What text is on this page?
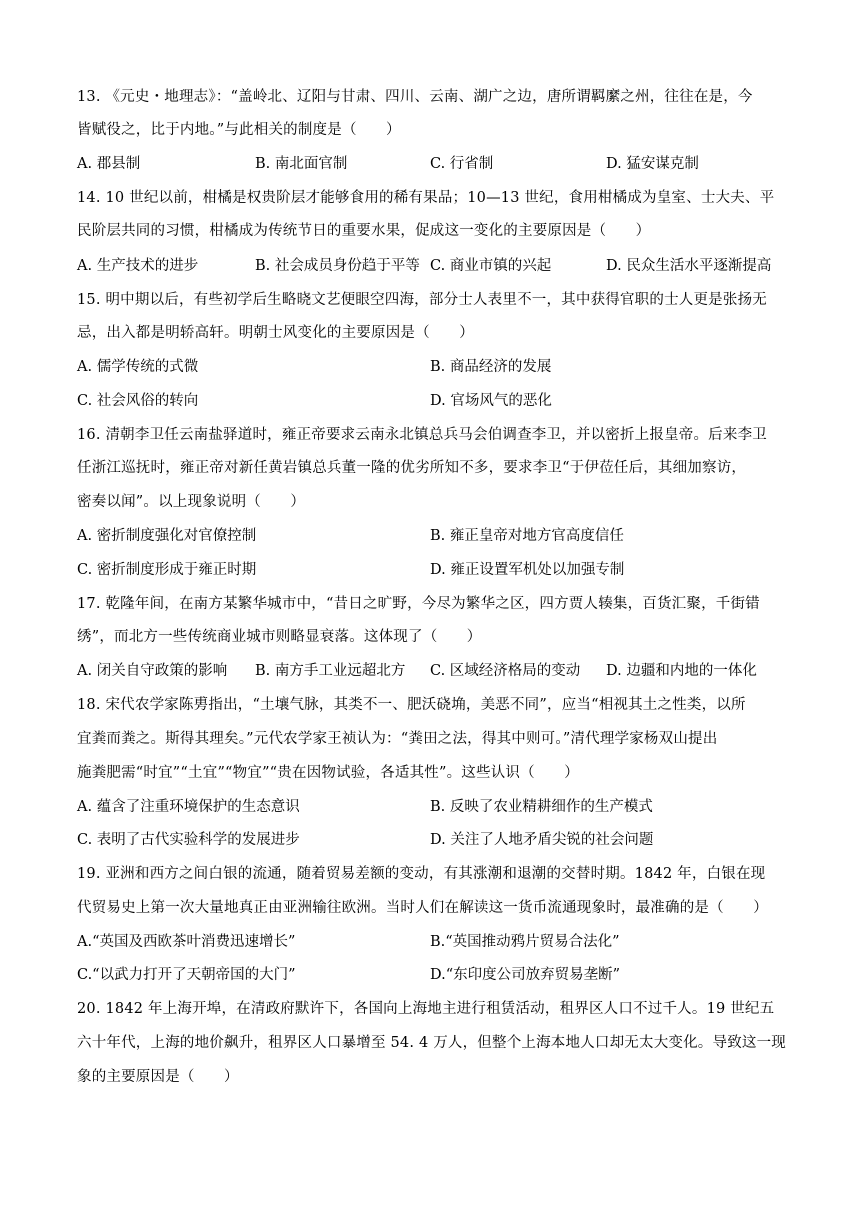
13. 《元史・地理志》：“盖岭北、辽阳与甘肃、四川、云南、湖广之边，唐所谓羁縻之州，往往在是，今
皆赋役之，比于内地。”与此相关的制度是（　　）
A. 郡县制	B. 南北面官制	C. 行省制	D. 猛安谋克制
14. 10 世纪以前，柑橘是权贵阶层才能够食用的稀有果品；10—13 世纪，食用柑橘成为皇室、士大夫、平
民阶层共同的习惯，柑橘成为传统节日的重要水果，促成这一变化的主要原因是（　　）
A. 生产技术的进步	B. 社会成员身份趋于平等 C. 商业市镇的兴起	D. 民众生活水平逐渐提高
15. 明中期以后，有些初学后生略晓文艺便眼空四海，部分士人表里不一，其中获得官职的士人更是张扬无
忌，出入都是明轿高轩。明朝士风变化的主要原因是（　　）
A. 儒学传统的式微	B. 商品经济的发展
C. 社会风俗的转向	D. 官场风气的恶化
16. 清朝李卫任云南盐驿道时，雍正帝要求云南永北镇总兵马会伯调查李卫，并以密折上报皇帝。后来李卫
任浙江巡抚时，雍正帝对新任黄岩镇总兵董一隆的优劣所知不多，要求李卫“于伊莅任后，其细加察访，
密奏以闻”。以上现象说明（　　）
A. 密折制度强化对官僚控制	B. 雍正皇帝对地方官高度信任
C. 密折制度形成于雍正时期	D. 雍正设置军机处以加强专制
17. 乾隆年间，在南方某繁华城市中，“昔日之旷野，今尽为繁华之区，四方贾人辏集，百货汇聚，千街错
绣”，而北方一些传统商业城市则略显衰落。这体现了（　　）
A. 闭关自守政策的影响 B. 南方手工业远超北方 C. 区域经济格局的变动 D. 边疆和内地的一体化
18. 宋代农学家陈旉指出，“土壤气脉，其类不一、肥沃硗埆，美恶不同”，应当“相视其土之性类，以所
宜粪而粪之。斯得其理矣。”元代农学家王祯认为：“粪田之法，得其中则可。”清代理学家杨双山提出
施粪肥需“时宜”“土宜”“物宜”“贵在因物试验，各适其性”。这些认识（　　）
A. 蕴含了注重环境保护的生态意识	B. 反映了农业精耕细作的生产模式
C. 表明了古代实验科学的发展进步	D. 关注了人地矛盾尖锐的社会问题
19. 亚洲和西方之间白银的流通，随着贸易差额的变动，有其涨潮和退潮的交替时期。1842 年，白银在现
代贸易史上第一次大量地真正由亚洲输往欧洲。当时人们在解读这一货币流通现象时，最准确的是（　　）
A.“英国及西欧茶叶消费迅速增长”	B.“英国推动鸦片贸易合法化”
C.“以武力打开了天朝帝国的大门”	D.“东印度公司放弃贸易垄断”
20. 1842 年上海开埠，在清政府默许下，各国向上海地主进行租赁活动，租界区人口不过千人。19 世纪五
六十年代，上海的地价飙升，租界区人口暴增至 54. 4 万人，但整个上海本地人口却无太大变化。导致这一现
象的主要原因是（　　）
